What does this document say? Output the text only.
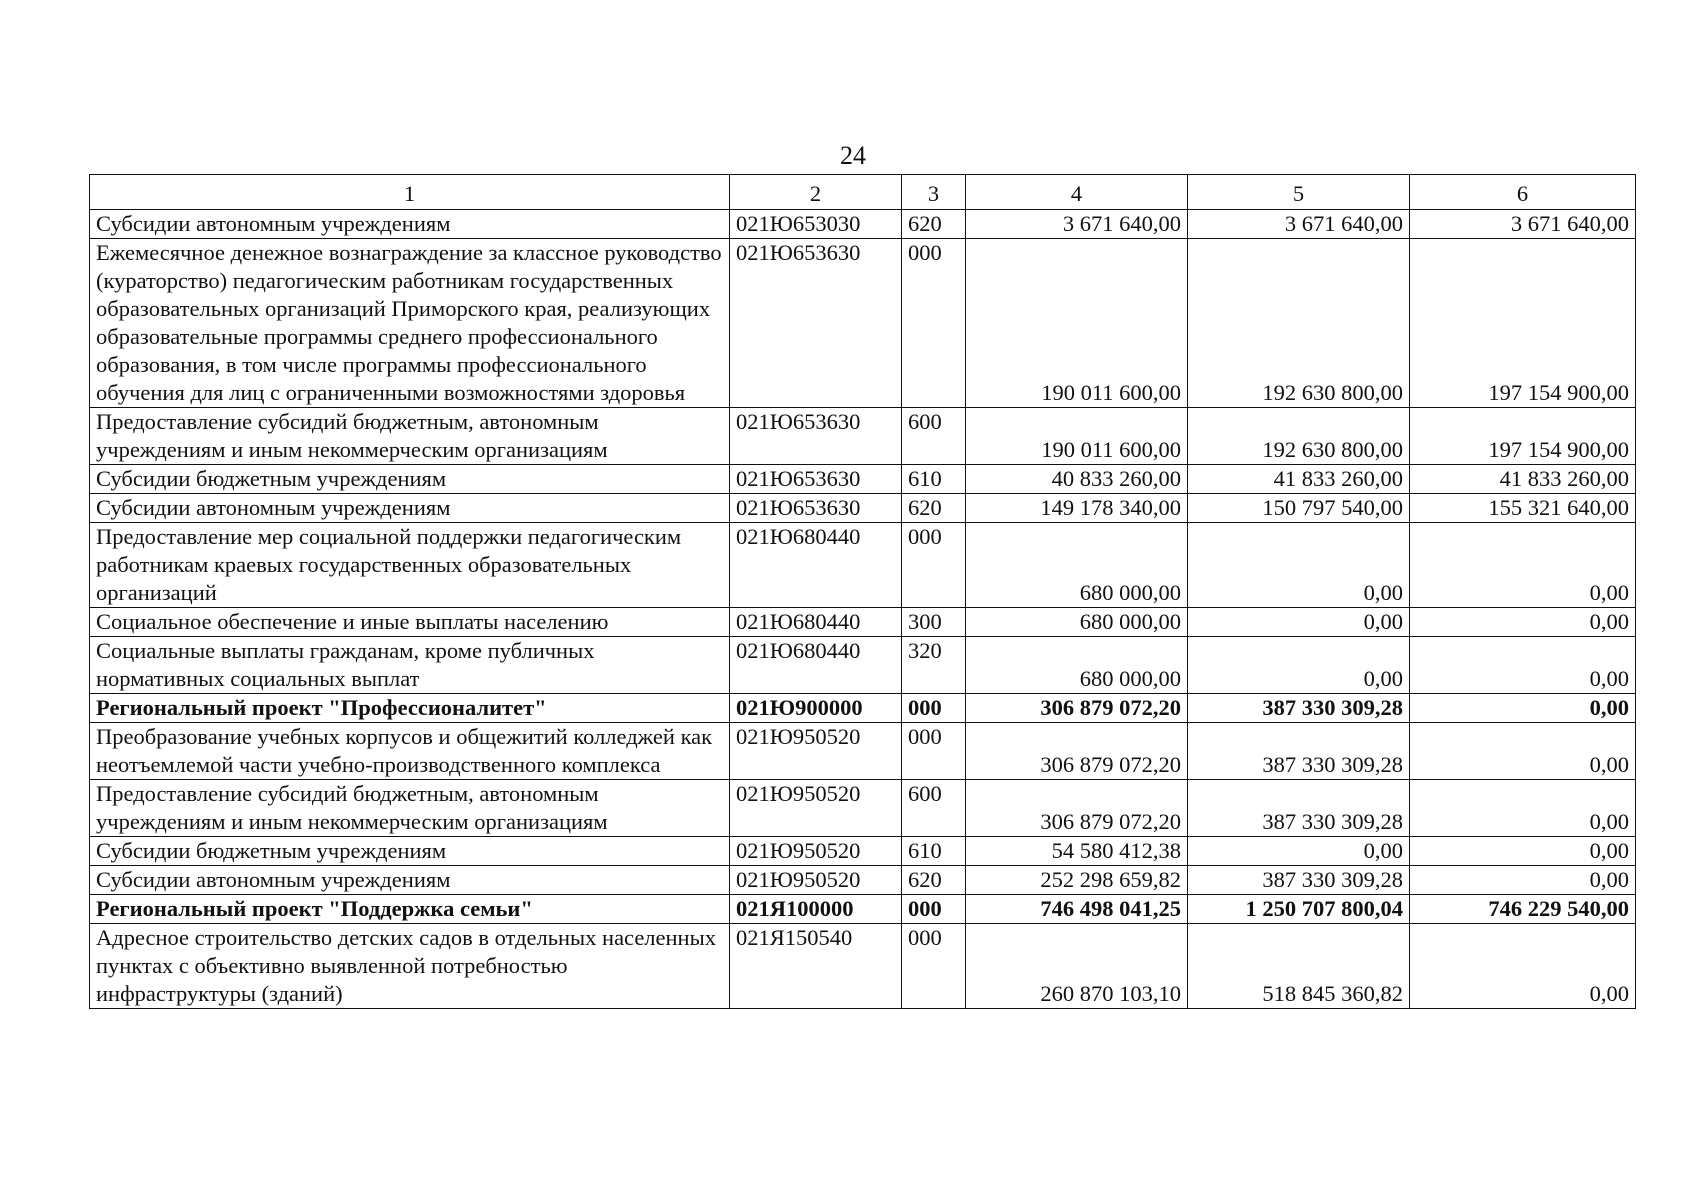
24
1	2	3	4	5	6
Субсидии автономным учреждениям	021Ю653030	620	3 671 640,00	3 671 640,00	3 671 640,00
Ежемесячное денежное вознаграждение за классное руководство (кураторство) педагогическим работникам государственных образовательных организаций Приморского края, реализующих образовательные программы среднего профессионального образования, в том числе программы профессионального обучения для лиц с ограниченными возможностями здоровья	021Ю653630	000	190 011 600,00	192 630 800,00	197 154 900,00
Предоставление субсидий бюджетным, автономным учреждениям и иным некоммерческим организациям	021Ю653630	600	190 011 600,00	192 630 800,00	197 154 900,00
Субсидии бюджетным учреждениям	021Ю653630	610	40 833 260,00	41 833 260,00	41 833 260,00
Субсидии автономным учреждениям	021Ю653630	620	149 178 340,00	150 797 540,00	155 321 640,00
Предоставление мер социальной поддержки педагогическим работникам краевых государственных образовательных организаций	021Ю680440	000	680 000,00	0,00	0,00
Социальное обеспечение и иные выплаты населению	021Ю680440	300	680 000,00	0,00	0,00
Социальные выплаты гражданам, кроме публичных нормативных социальных выплат	021Ю680440	320	680 000,00	0,00	0,00
Региональный проект "Профессионалитет"	021Ю900000	000	306 879 072,20	387 330 309,28	0,00
Преобразование учебных корпусов и общежитий колледжей как неотъемлемой части учебно-производственного комплекса	021Ю950520	000	306 879 072,20	387 330 309,28	0,00
Предоставление субсидий бюджетным, автономным учреждениям и иным некоммерческим организациям	021Ю950520	600	306 879 072,20	387 330 309,28	0,00
Субсидии бюджетным учреждениям	021Ю950520	610	54 580 412,38	0,00	0,00
Субсидии автономным учреждениям	021Ю950520	620	252 298 659,82	387 330 309,28	0,00
Региональный проект "Поддержка семьи"	021Я100000	000	746 498 041,25	1 250 707 800,04	746 229 540,00
Адресное строительство детских садов в отдельных населенных пунктах с объективно выявленной потребностью инфраструктуры (зданий)	021Я150540	000	260 870 103,10	518 845 360,82	0,00
